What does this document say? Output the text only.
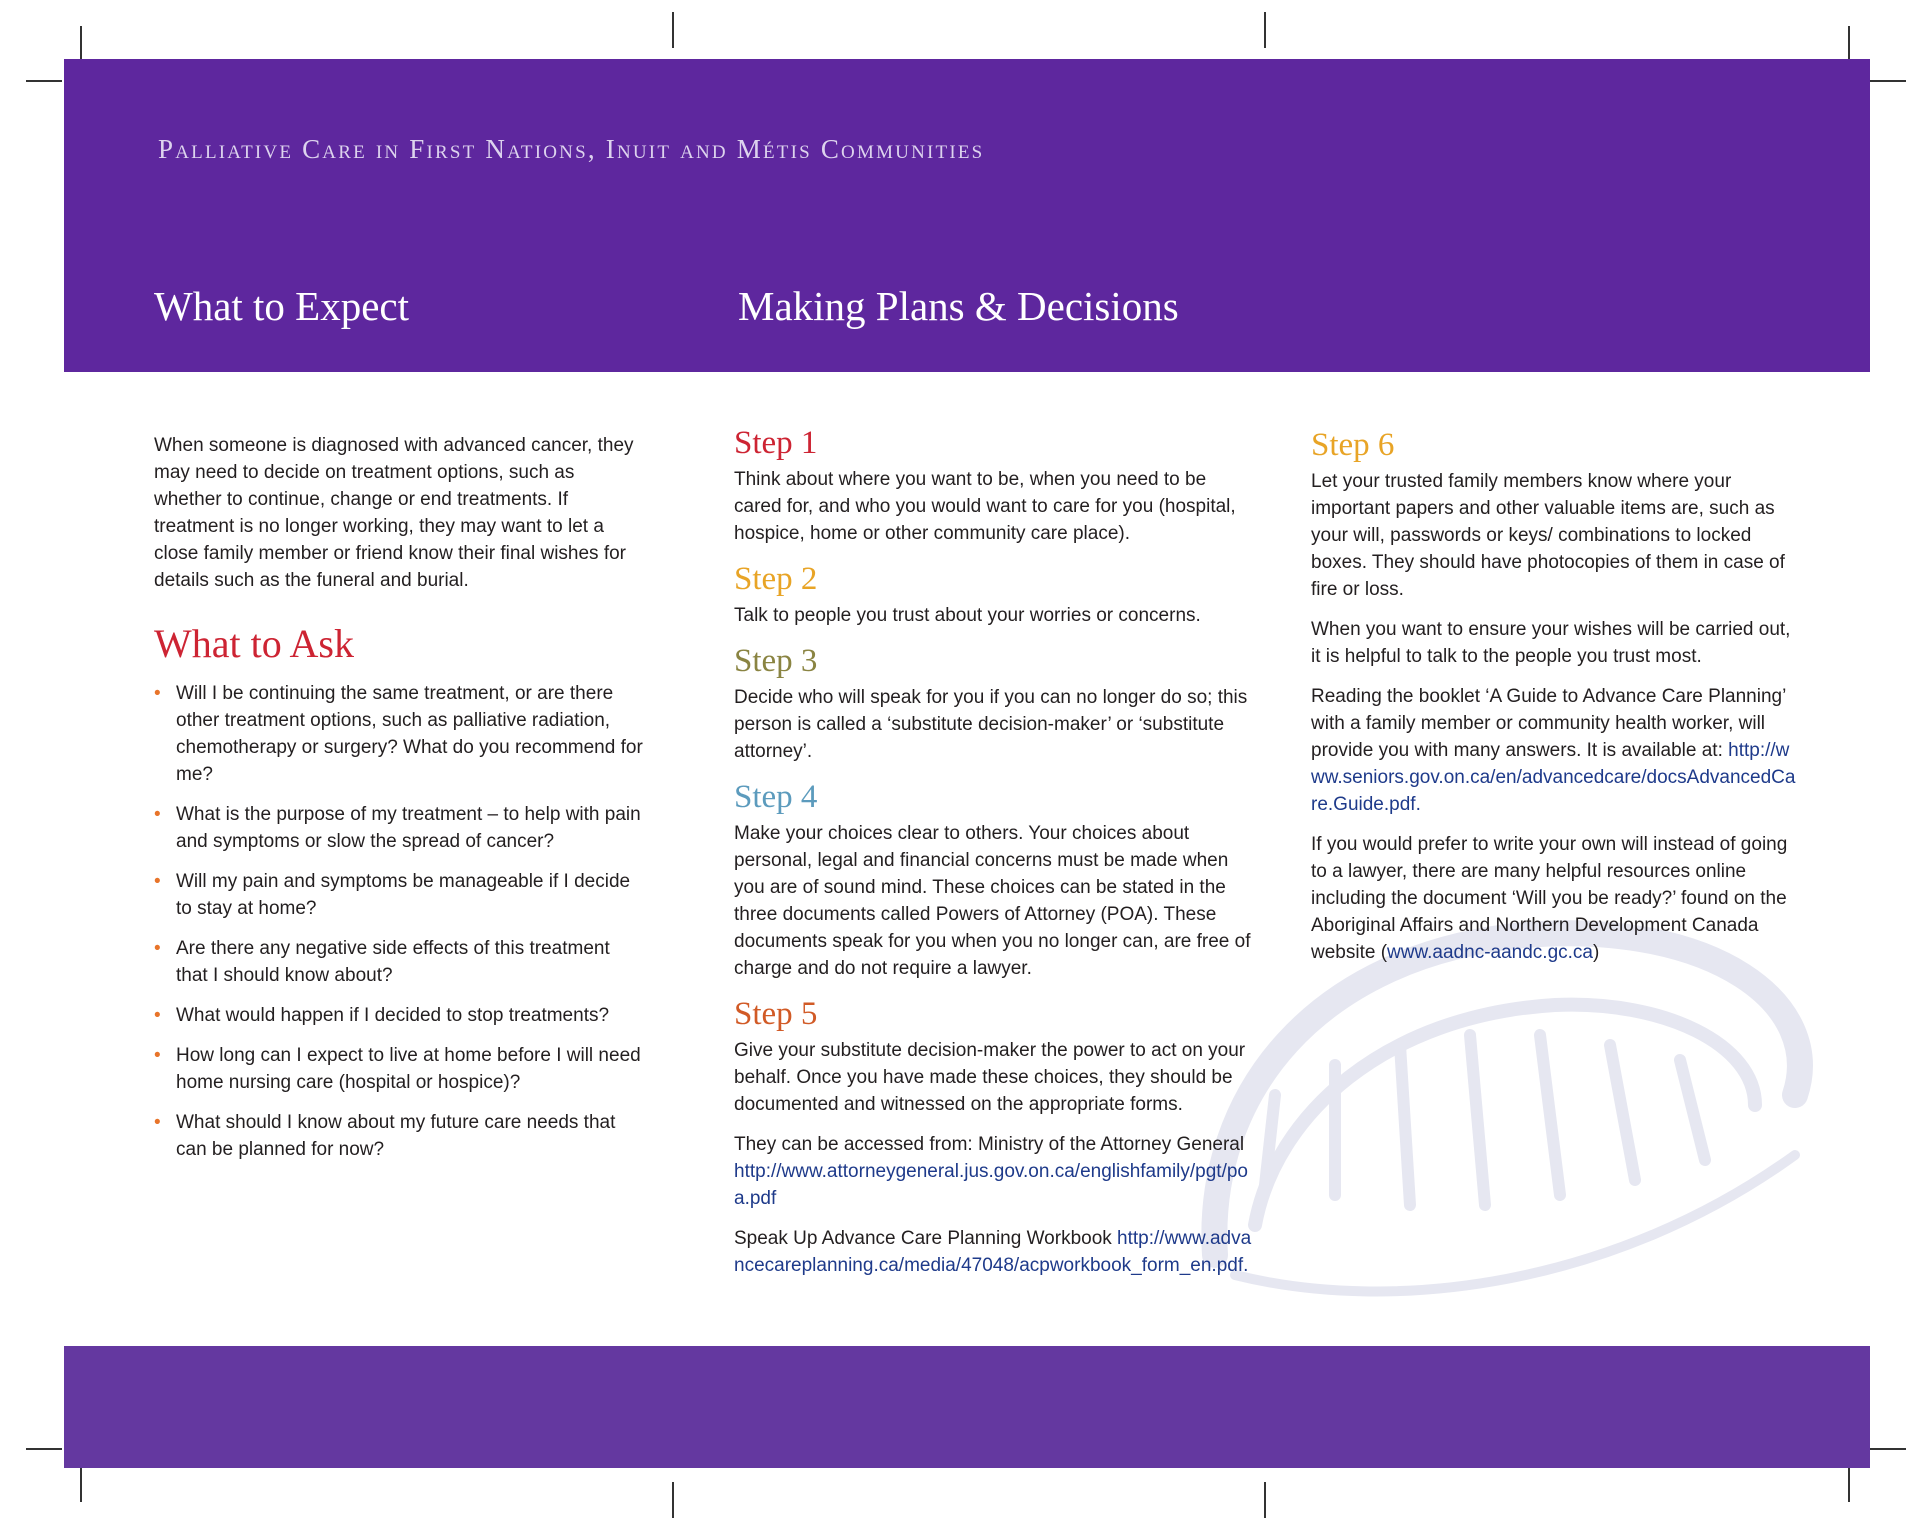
Palliative Care in First Nations, Inuit and Métis Communities
What to Expect	Making Plans & Decisions

When someone is diagnosed with advanced cancer, they may need to decide on treatment options, such as whether to continue, change or end treatments. If treatment is no longer working, they may want to let a close family member or friend know their final wishes for details such as the funeral and burial.

What to Ask
• Will I be continuing the same treatment, or are there other treatment options, such as palliative radiation, chemotherapy or surgery? What do you recommend for me?
• What is the purpose of my treatment – to help with pain and symptoms or slow the spread of cancer?
• Will my pain and symptoms be manageable if I decide to stay at home?
• Are there any negative side effects of this treatment that I should know about?
• What would happen if I decided to stop treatments?
• How long can I expect to live at home before I will need home nursing care (hospital or hospice)?
• What should I know about my future care needs that can be planned for now?
Step 1

Think about where you want to be, when you need to be cared for, and who you would want to care for you (hospital, hospice, home or other community care place).

Step 2

Talk to people you trust about your worries or concerns.

Step 3

Decide who will speak for you if you can no longer do so; this person is called a ‘substitute decision-maker’ or ‘substitute attorney’.

Step 4

Make your choices clear to others. Your choices about personal, legal and financial concerns must be made when you are of sound mind. These choices can be stated in the three documents called Powers of Attorney (POA). These documents speak for you when you no longer can, are free of charge and do not require a lawyer.

Step 5

Give your substitute decision-maker the power to act on your behalf. Once you have made these choices, they should be documented and witnessed on the appropriate forms.

They can be accessed from: Ministry of the Attorney General
http://www.attorneygeneral.jus.gov.on.ca/englishfamily/pgt/poa.pdf

Speak Up Advance Care Planning Workbook http://www.advancecareplanning.ca/media/47048/acpworkbook_form_en.pdf.

Step 6

Let your trusted family members know where your important papers and other valuable items are, such as your will, passwords or keys/ combinations to locked boxes. They should have photocopies of them in case of fire or loss.

When you want to ensure your wishes will be carried out, it is helpful to talk to the people you trust most.

Reading the booklet ‘A Guide to Advance Care Planning’ with a family member or community health worker, will provide you with many answers. It is available at: http://www.seniors.gov.on.ca/en/advancedcare/docsAdvancedCare.Guide.pdf.

If you would prefer to write your own will instead of going to a lawyer, there are many helpful resources online including the document ‘Will you be ready?’ found on the Aboriginal Affairs and Northern Development Canada website (www.aadnc-aandc.gc.ca)
